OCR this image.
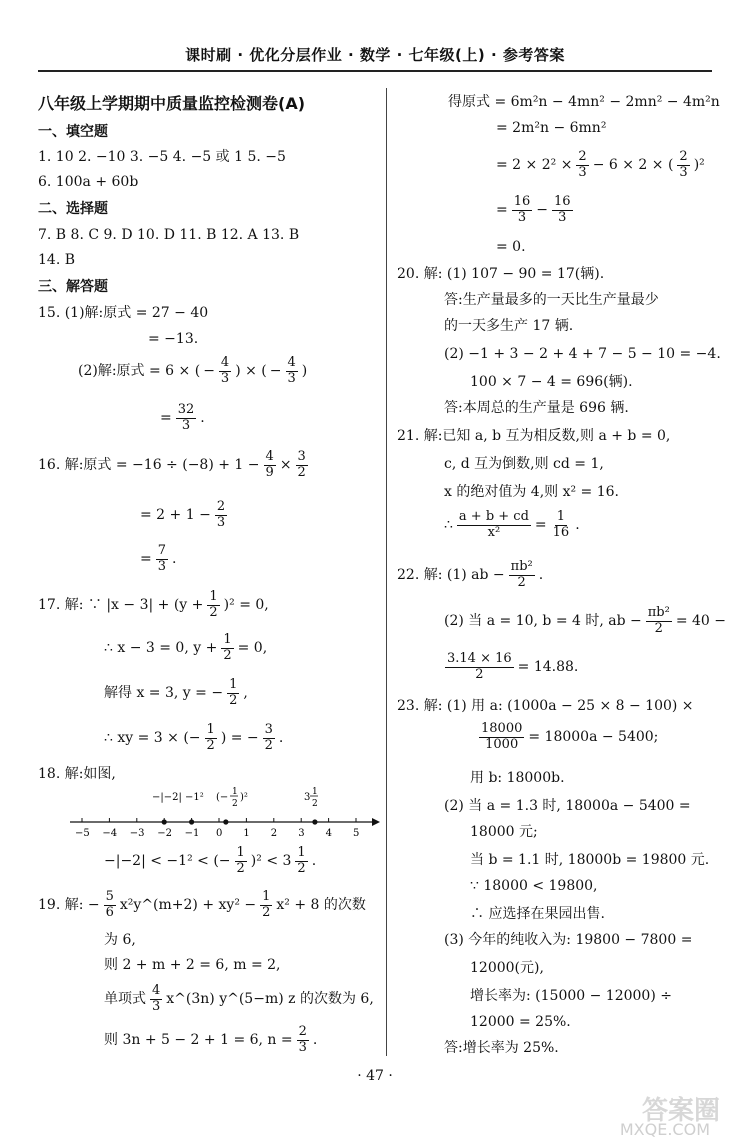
课时刷 · 优化分层作业 · 数学 · 七年级(上) · 参考答案
八年级上学期期中质量监控检测卷(A)
一、填空题
1. 10 2. −10 3. −5 4. −5 或 1 5. −5
6. 100a + 60b
二、选择题
7. B 8. C 9. D 10. D 11. B 12. A 13. B
14. B
三、解答题
15. (1)解:原式 = 27 − 40
= −13.
(2)解:原式 = 6 × ( − $\frac{4}{3}$ ) × ( − $\frac{4}{3}$ )
= $\frac{32}{3}$ .
16. 解:原式 = $-16 \div (-8) + 1 - \frac{4}{9} \times \frac{3}{2}$
= $2 + 1 - \frac{2}{3}$
= $\frac{7}{3}$ .
17. 解: ∵ $|x - 3| + (y + \frac{1}{2} )^2 = 0$,
∴ x − 3 = 0, $y + \frac{1}{2} = 0$,
解得 x = 3, y = − $\frac{1}{2}$ ,
∴ xy = 3 × (− $\frac{1}{2}$ ) = − $\frac{3}{2}$ .
18. 解:如图,
−5 −4 −3 −2 −1 0 1 2 3 4 5
−|−2| −1² (− 1
2
)²	3 1
2
−|−2| < −1² < (− $\frac{1}{2} )^2 < 3 \frac{1}{2}$ .
19. 解: − $\frac{5}{6}$ x²y^(m+2) + $xy^2 - \frac{1}{2} x^2 + 8$ 的次数
为 6,
则 2 + m + 2 = 6, m = 2,
单项式 $\frac{4}{3}$ x^(3n) y^(5−m) z 的次数为 6,
则 3n + 5 − 2 + 1 = 6, $n = \frac{2}{3}$ .
得原式 = 6m²n − 4mn² − 2mn² − 4m²n
= 2m²n − 6mn²
= $2 \times 2^2 \times \frac{2}{3} - 6 \times 2$ × ( $\frac{2}{3} )^2$
= $\frac{16}{3} - \frac{16}{3}$
= 0.
20. 解: (1) 107 − 90 = 17(辆).
答:生产量最多的一天比生产量最少
的一天多生产 17 辆.
(2) −1 + 3 − 2 + 4 + 7 − 5 − 10 = −4.
100 × 7 − 4 = 696(辆).
答:本周总的生产量是 696 辆.
21. 解:已知 a, b 互为相反数,则 a + b = 0,
c, d 互为倒数,则 cd = 1,
x 的绝对值为 4,则 x² = 16.
∴ $\frac{a + b + cd}{\text{x²}} = \frac{1}{16}$ .
22. 解: (1) ab − $\frac{\text{πb²}}{2}$ .
(2) 当 a = 10, b = 4 时, ab − $\frac{\text{πb²}}{2} = 40$ −
$\frac{3.14 \times 16}{2} = 14.88$.
23. 解: (1) 用 a: (1000a − 25 × 8 − 100) ×
$\frac{18000}{1000} = 18000a - 5400$;
用 b: 18000b.
(2) 当 a = 1.3 时, 18000a − 5400 =
18000 元;
当 b = 1.1 时, 18000b = 19800 元.
∵ 18000 < 19800,
∴ 应选择在果园出售.
(3) 今年的纯收入为: 19800 − 7800 =
12000(元),
增长率为: (15000 − 12000) ÷
12000 = 25%.
答:增长率为 25%.
· 47 ·
答案圈
MXQE.COM
